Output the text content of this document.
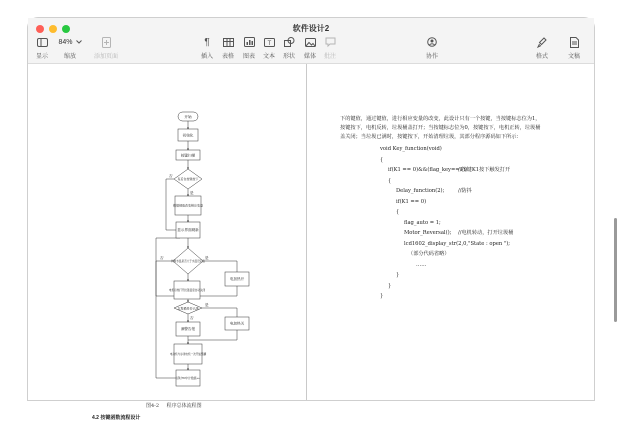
软件设计2
显示
84%
缩放	添加页面
¶
插入 表格 图表
T
文本 形状 媒体 批注	协作	格式	文稿
开始
初始化
按键扫描
有后台按键按下
根据键值改变相应变量
显示界面刷新
判断水温是否大于水温设定值
电机运转打开拉链温度自动关闭
电加热开
垃圾桶是否已满
满警告报
电加热关
电动机与步进电机一次开始整翻
延时7D中计数值++
否
是
是
否
是
否
图4-2 程序总体流程图
4.2 按键函数流程设计
下的键值，通过键值，进行相应变量的改变，此设计只有一个按键，当按键标志位为1，
按键按下，电机反转，垃圾桶盖打开；当按键标志位为0，按键按下，电机正转，垃圾桶
盖关闭；当垃圾已满时，按键按下，开始清理垃圾，其部分程序源码如下所示：
void Key_function(void)
{
if(K1 == 0)&&(flag_key==1))
//按键K1按下触发打开
{
Delay_function(2);	//防抖
if(K1 == 0)
{
flag_auto = 1;
Motor_Reversal(); //电机转动，打开垃圾桶
lcd1602_display_str(2,0,"State : open ");
（部分代码省略）
……
}
}
}
